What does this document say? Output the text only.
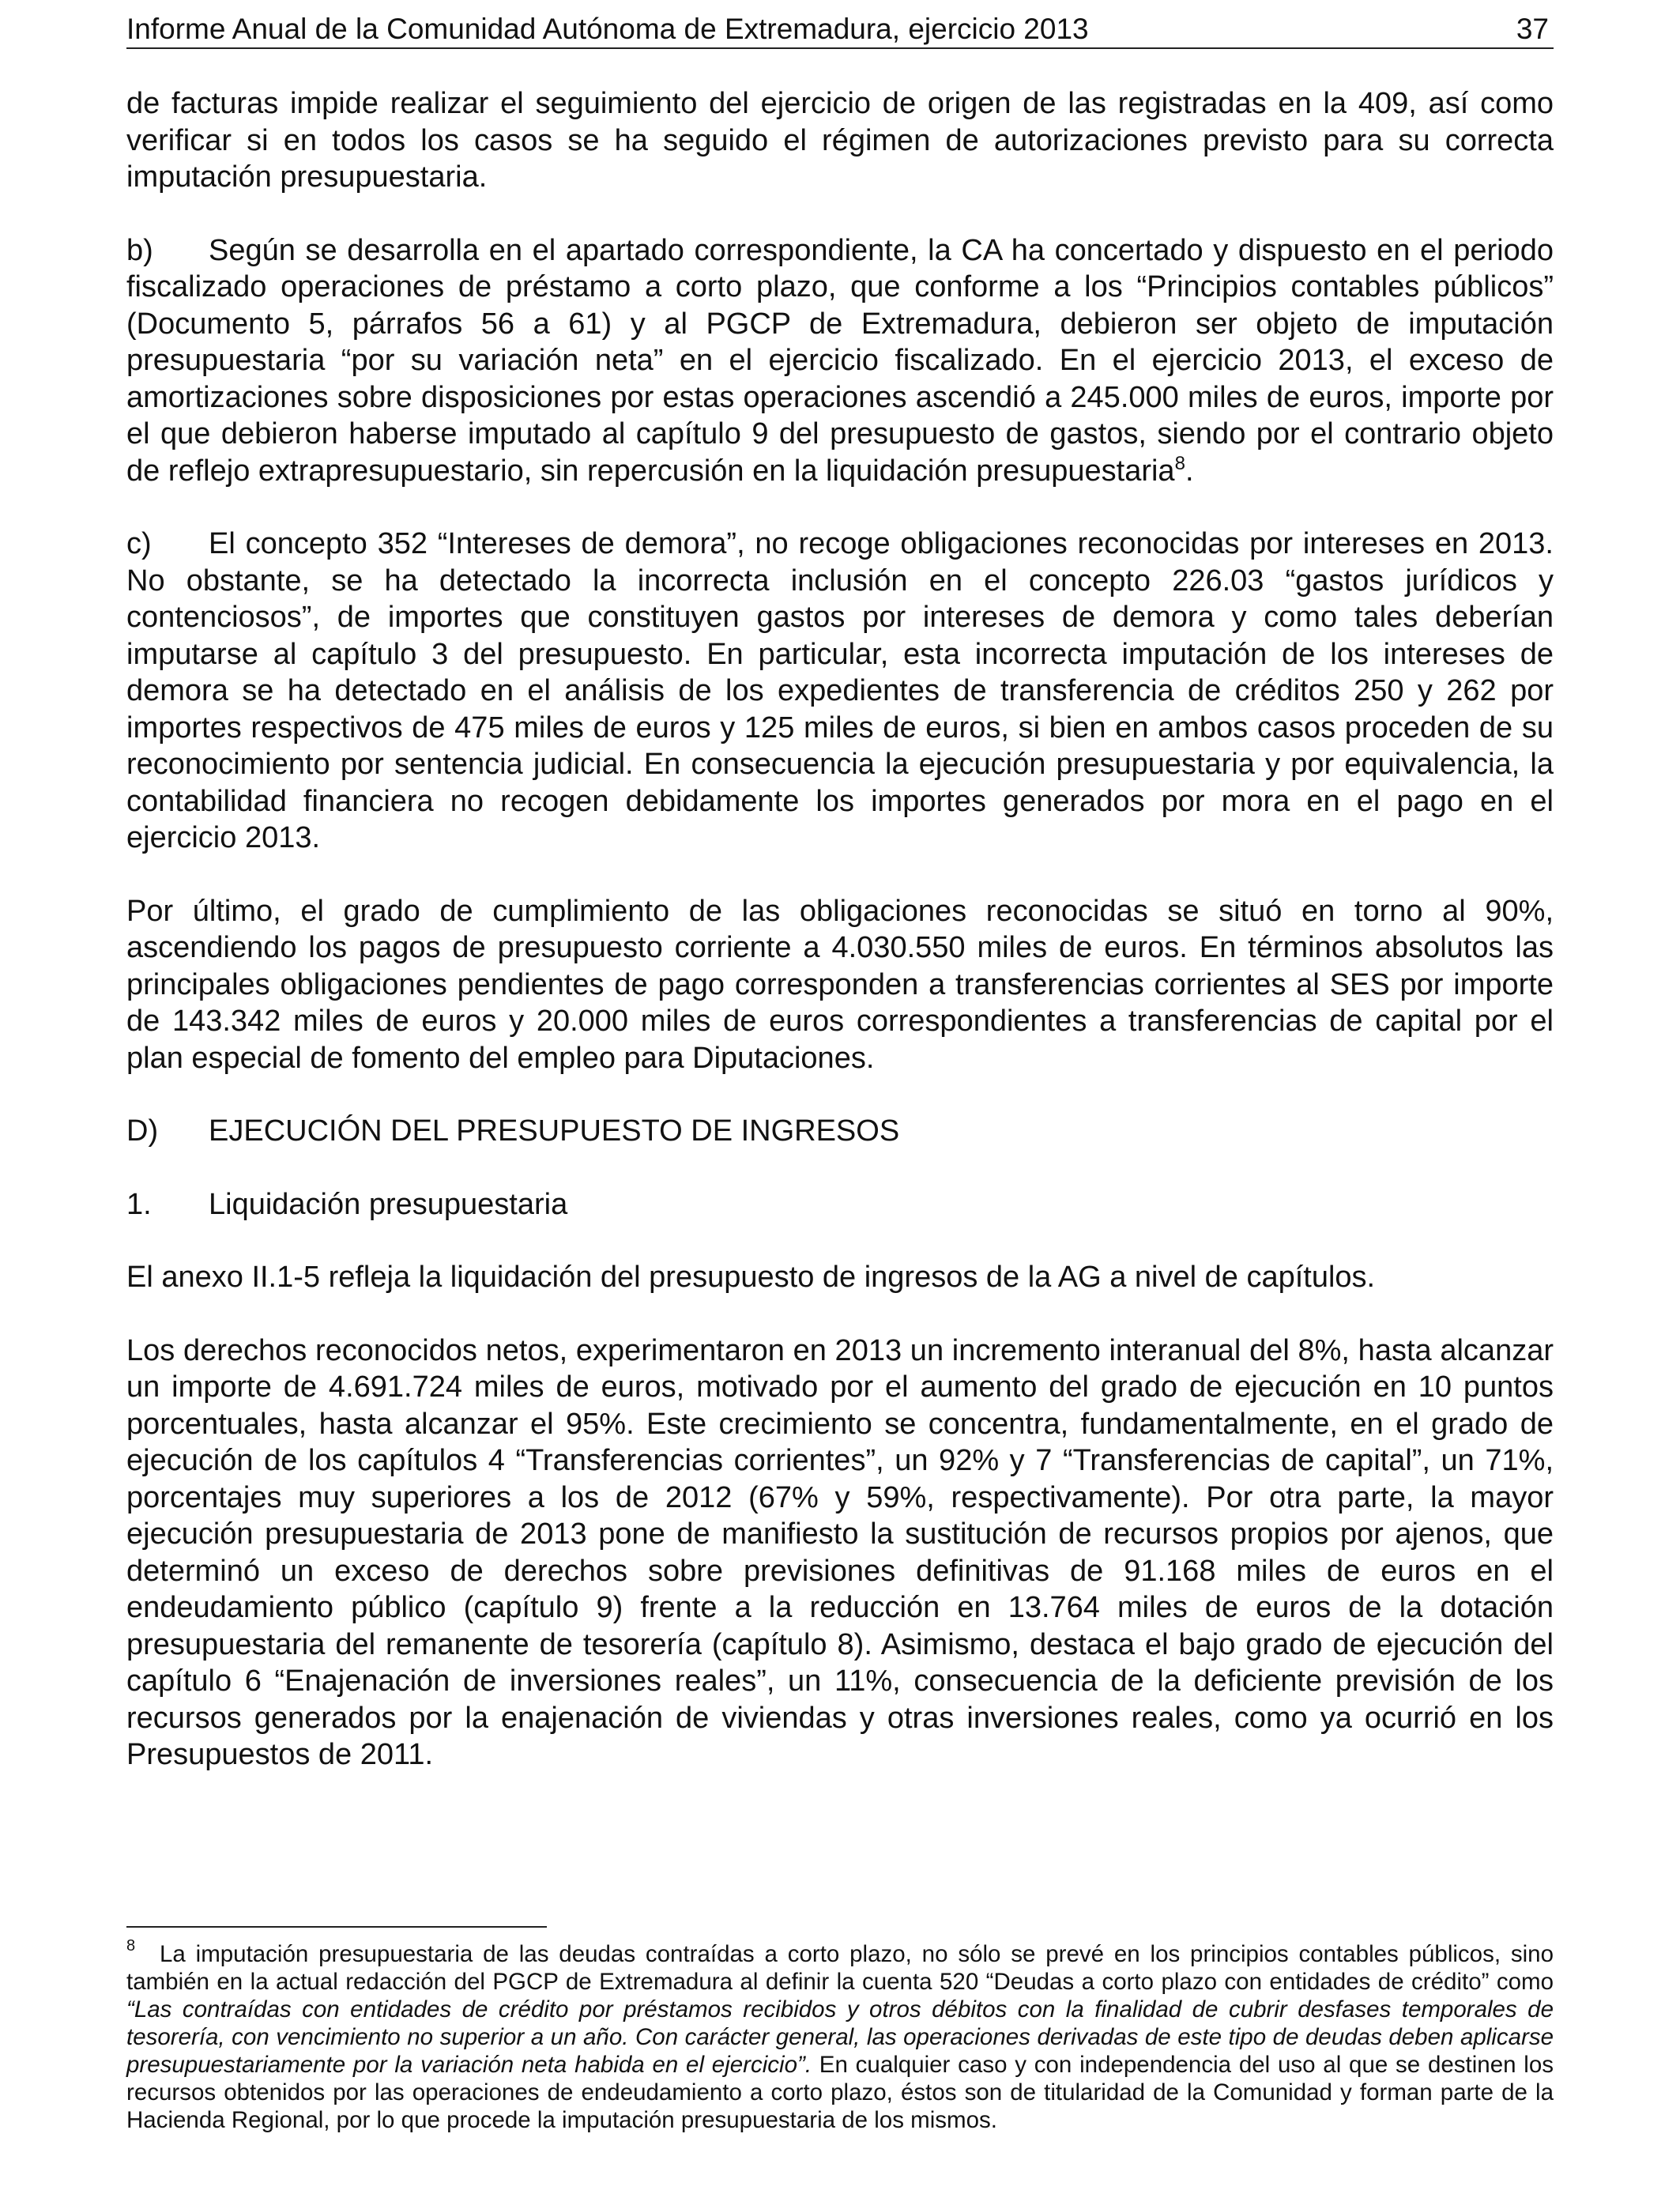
Informe Anual de la Comunidad Autónoma de Extremadura, ejercicio 2013	37

de facturas impide realizar el seguimiento del ejercicio de origen de las registradas en la 409, así como verificar si en todos los casos se ha seguido el régimen de autorizaciones previsto para su correcta imputación presupuestaria.

b) Según se desarrolla en el apartado correspondiente, la CA ha concertado y dispuesto en el periodo fiscalizado operaciones de préstamo a corto plazo, que conforme a los “Principios contables públicos” (Documento 5, párrafos 56 a 61) y al PGCP de Extremadura, debieron ser objeto de imputación presupuestaria “por su variación neta” en el ejercicio fiscalizado. En el ejercicio 2013, el exceso de amortizaciones sobre disposiciones por estas operaciones ascendió a 245.000 miles de euros, importe por el que debieron haberse imputado al capítulo 9 del presupuesto de gastos, siendo por el contrario objeto de reflejo extrapresupuestario, sin repercusión en la liquidación presupuestaria$^8$.

c) El concepto 352 “Intereses de demora”, no recoge obligaciones reconocidas por intereses en 2013. No obstante, se ha detectado la incorrecta inclusión en el concepto 226.03 “gastos jurídicos y contenciosos”, de importes que constituyen gastos por intereses de demora y como tales deberían imputarse al capítulo 3 del presupuesto. En particular, esta incorrecta imputación de los intereses de demora se ha detectado en el análisis de los expedientes de transferencia de créditos 250 y 262 por importes respectivos de 475 miles de euros y 125 miles de euros, si bien en ambos casos proceden de su reconocimiento por sentencia judicial. En consecuencia la ejecución presupuestaria y por equivalencia, la contabilidad financiera no recogen debidamente los importes generados por mora en el pago en el ejercicio 2013.

Por último, el grado de cumplimiento de las obligaciones reconocidas se situó en torno al 90%, ascendiendo los pagos de presupuesto corriente a 4.030.550 miles de euros. En términos absolutos las principales obligaciones pendientes de pago corresponden a transferencias corrientes al SES por importe de 143.342 miles de euros y 20.000 miles de euros correspondientes a transferencias de capital por el plan especial de fomento del empleo para Diputaciones.

D) EJECUCIÓN DEL PRESUPUESTO DE INGRESOS
1. Liquidación presupuestaria

El anexo II.1-5 refleja la liquidación del presupuesto de ingresos de la AG a nivel de capítulos.

Los derechos reconocidos netos, experimentaron en 2013 un incremento interanual del 8%, hasta alcanzar un importe de 4.691.724 miles de euros, motivado por el aumento del grado de ejecución en 10 puntos porcentuales, hasta alcanzar el 95%. Este crecimiento se concentra, fundamentalmente, en el grado de ejecución de los capítulos 4 “Transferencias corrientes”, un 92% y 7 “Transferencias de capital”, un 71%, porcentajes muy superiores a los de 2012 (67% y 59%, respectivamente). Por otra parte, la mayor ejecución presupuestaria de 2013 pone de manifiesto la sustitución de recursos propios por ajenos, que determinó un exceso de derechos sobre previsiones definitivas de 91.168 miles de euros en el endeudamiento público (capítulo 9) frente a la reducción en 13.764 miles de euros de la dotación presupuestaria del remanente de tesorería (capítulo 8). Asimismo, destaca el bajo grado de ejecución del capítulo 6 “Enajenación de inversiones reales”, un 11%, consecuencia de la deficiente previsión de los recursos generados por la enajenación de viviendas y otras inversiones reales, como ya ocurrió en los Presupuestos de 2011.

8 La imputación presupuestaria de las deudas contraídas a corto plazo, no sólo se prevé en los principios contables públicos, sino también en la actual redacción del PGCP de Extremadura al definir la cuenta 520 “Deudas a corto plazo con entidades de crédito” como “Las contraídas con entidades de crédito por préstamos recibidos y otros débitos con la finalidad de cubrir desfases temporales de tesorería, con vencimiento no superior a un año. Con carácter general, las operaciones derivadas de este tipo de deudas deben aplicarse presupuestariamente por la variación neta habida en el ejercicio”. En cualquier caso y con independencia del uso al que se destinen los recursos obtenidos por las operaciones de endeudamiento a corto plazo, éstos son de titularidad de la Comunidad y forman parte de la Hacienda Regional, por lo que procede la imputación presupuestaria de los mismos.
